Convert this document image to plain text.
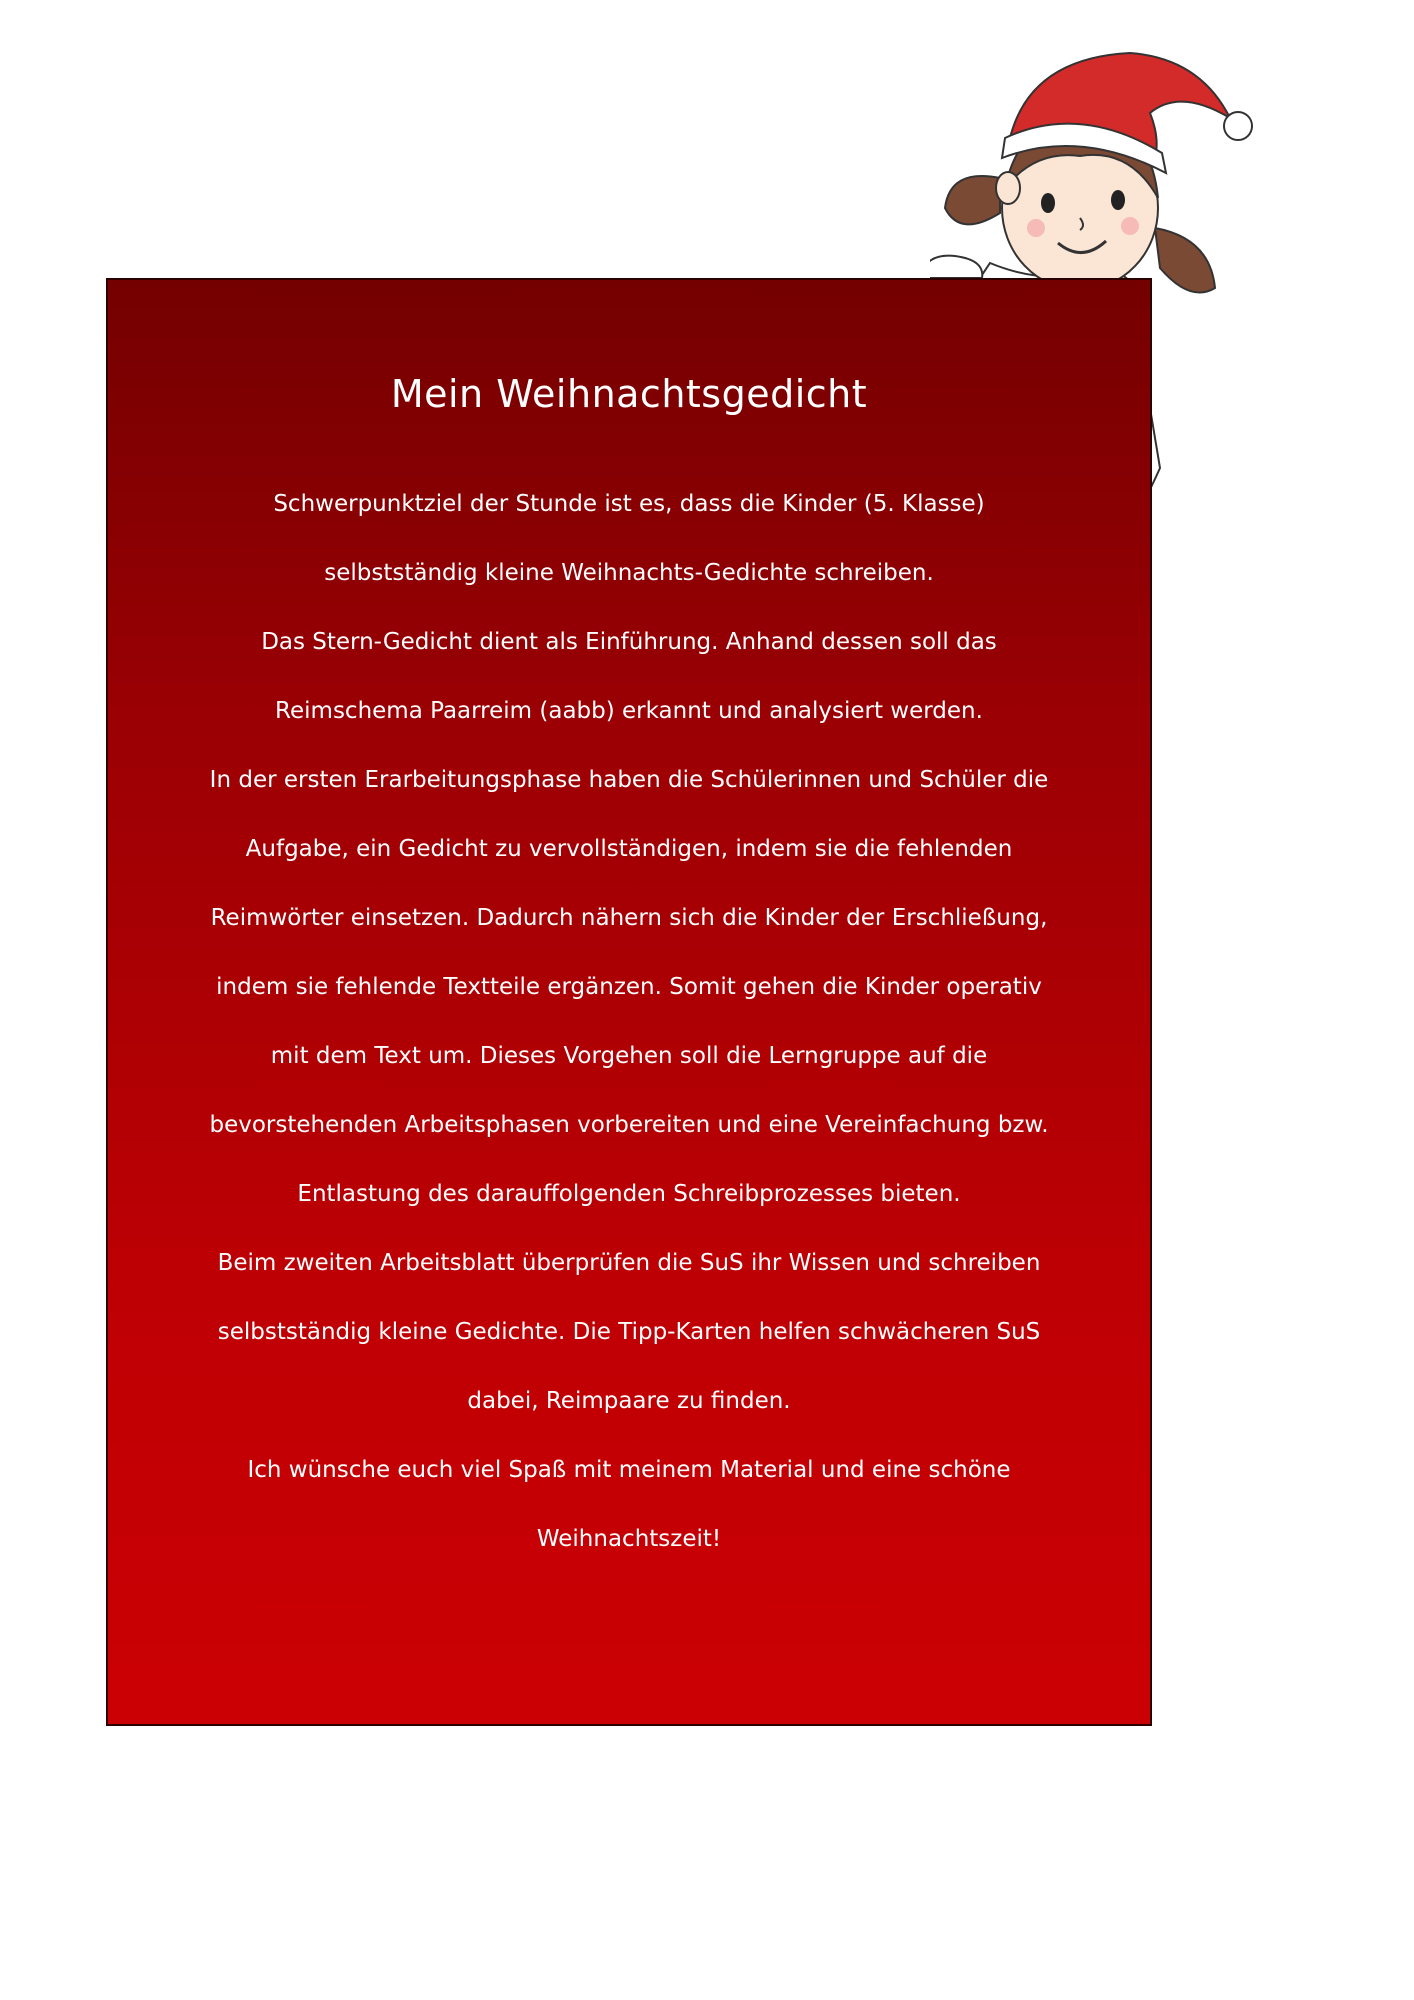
Mein Weihnachtsgedicht
Schwerpunktziel der Stunde ist es, dass die Kinder (5. Klasse)
selbstständig kleine Weihnachts-Gedichte schreiben.
Das Stern-Gedicht dient als Einführung. Anhand dessen soll das
Reimschema Paarreim (aabb) erkannt und analysiert werden.
In der ersten Erarbeitungsphase haben die Schülerinnen und Schüler die
Aufgabe, ein Gedicht zu vervollständigen, indem sie die fehlenden
Reimwörter einsetzen. Dadurch nähern sich die Kinder der Erschließung,
indem sie fehlende Textteile ergänzen. Somit gehen die Kinder operativ
mit dem Text um. Dieses Vorgehen soll die Lerngruppe auf die
bevorstehenden Arbeitsphasen vorbereiten und eine Vereinfachung bzw.
Entlastung des darauffolgenden Schreibprozesses bieten.
Beim zweiten Arbeitsblatt überprüfen die SuS ihr Wissen und schreiben
selbstständig kleine Gedichte. Die Tipp-Karten helfen schwächeren SuS
dabei, Reimpaare zu finden.
Ich wünsche euch viel Spaß mit meinem Material und eine schöne
Weihnachtszeit!
